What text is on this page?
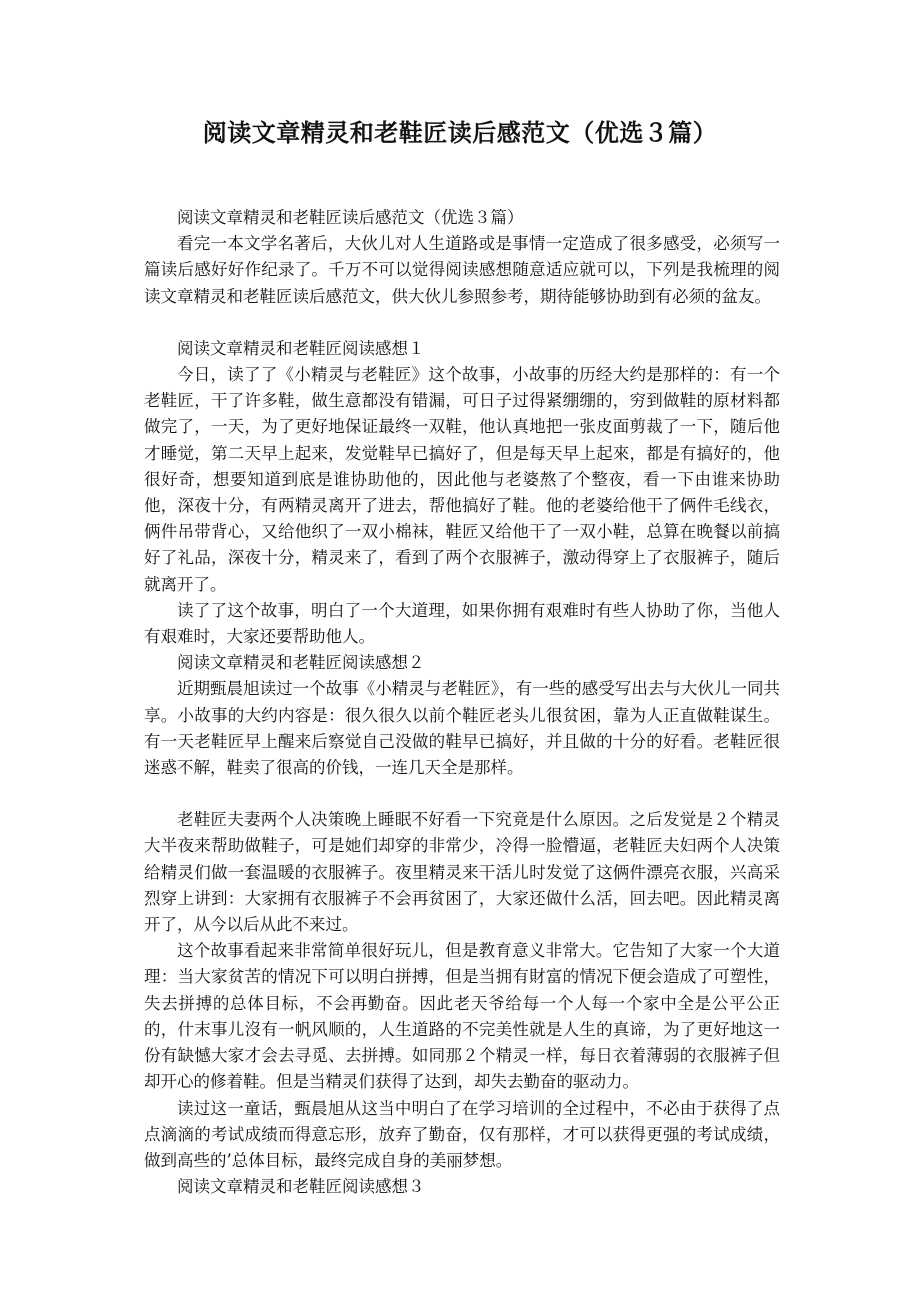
阅读文章精灵和老鞋匠读后感范文（优选３篇）

阅读文章精灵和老鞋匠读后感范文（优选３篇）

看完一本文学名著后，大伙儿对人生道路或是事情一定造成了很多感受，必须写一篇读后感好好作纪录了。千万不可以觉得阅读感想随意适应就可以，下列是我梳理的阅读文章精灵和老鞋匠读后感范文，供大伙儿参照参考，期待能够协助到有必须的盆友。

阅读文章精灵和老鞋匠阅读感想１

今日，读了了《小精灵与老鞋匠》这个故事，小故事的历经大约是那样的：有一个老鞋匠，干了许多鞋，做生意都没有错漏，可日子过得紧绷绷的，穷到做鞋的原材料都做完了，一天，为了更好地保证最终一双鞋，他认真地把一张皮面剪裁了一下，随后他才睡觉，第二天早上起来，发觉鞋早已搞好了，但是每天早上起來，都是有搞好的，他很好奇，想要知道到底是谁协助他的，因此他与老婆熬了个整夜，看一下由谁来协助他，深夜十分，有两精灵离开了进去，帮他搞好了鞋。他的老婆给他干了俩件毛线衣，俩件吊带背心，又给他织了一双小棉袜，鞋匠又给他干了一双小鞋，总算在晚餐以前搞好了礼品，深夜十分，精灵来了，看到了两个衣服裤子，激动得穿上了衣服裤子，随后就离开了。

读了了这个故事，明白了一个大道理，如果你拥有艰难时有些人协助了你，当他人有艰难时，大家还要帮助他人。

阅读文章精灵和老鞋匠阅读感想２

近期甄晨旭读过一个故事《小精灵与老鞋匠》，有一些的感受写出去与大伙儿一同共享。小故事的大约内容是：很久很久以前个鞋匠老头儿很贫困，靠为人正直做鞋谋生。有一天老鞋匠早上醒来后察觉自己没做的鞋早已搞好，并且做的十分的好看。老鞋匠很迷惑不解，鞋卖了很高的价钱，一连几天全是那样。

老鞋匠夫妻两个人决策晚上睡眠不好看一下究竟是什么原因。之后发觉是２个精灵大半夜来帮助做鞋子，可是她们却穿的非常少，冷得一脸懵逼，老鞋匠夫妇两个人决策给精灵们做一套温暖的衣服裤子。夜里精灵来干活儿时发觉了这俩件漂亮衣服，兴高采烈穿上讲到：大家拥有衣服裤子不会再贫困了，大家还做什么活，回去吧。因此精灵离开了，从今以后从此不来过。

这个故事看起来非常简单很好玩儿，但是教育意义非常大。它告知了大家一个大道理：当大家贫苦的情况下可以明白拼搏，但是当拥有財富的情况下便会造成了可塑性，失去拼搏的总体目标，不会再勤奋。因此老天爷给每一个人每一个家中全是公平公正的，什末事儿沒有一帆风顺的，人生道路的不完美性就是人生的真谛，为了更好地这一份有缺憾大家才会去寻觅、去拼搏。如同那２个精灵一样，每日衣着薄弱的衣服裤子但却开心的修着鞋。但是当精灵们获得了达到，却失去勤奋的驱动力。

读过这一童话，甄晨旭从这当中明白了在学习培训的全过程中，不必由于获得了点点滴滴的考试成绩而得意忘形，放弃了勤奋，仅有那样，才可以获得更强的考试成绩，做到高些的’总体目标，最终完成自身的美丽梦想。

阅读文章精灵和老鞋匠阅读感想３
